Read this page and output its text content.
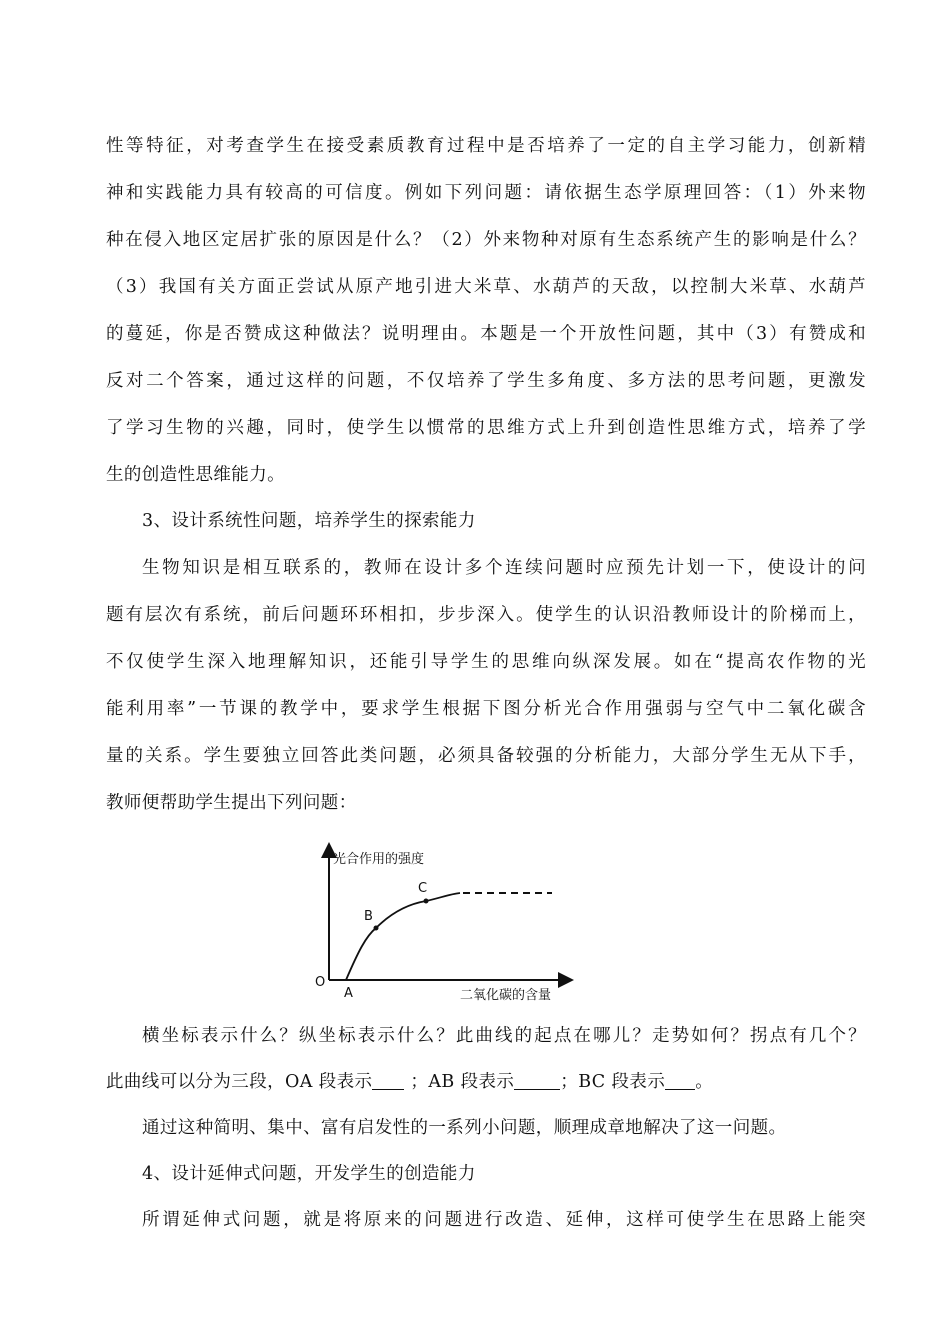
性等特征，对考查学生在接受素质教育过程中是否培养了一定的自主学习能力，创新精
神和实践能力具有较高的可信度。例如下列问题：请依据生态学原理回答：（1）外来物
种在侵入地区定居扩张的原因是什么？（2）外来物种对原有生态系统产生的影响是什么？
（3）我国有关方面正尝试从原产地引进大米草、水葫芦的天敌，以控制大米草、水葫芦
的蔓延，你是否赞成这种做法？说明理由。本题是一个开放性问题，其中（3）有赞成和
反对二个答案，通过这样的问题，不仅培养了学生多角度、多方法的思考问题，更激发
了学习生物的兴趣，同时，使学生以惯常的思维方式上升到创造性思维方式，培养了学
生的创造性思维能力。
3、设计系统性问题，培养学生的探索能力
生物知识是相互联系的，教师在设计多个连续问题时应预先计划一下，使设计的问
题有层次有系统，前后问题环环相扣，步步深入。使学生的认识沿教师设计的阶梯而上，
不仅使学生深入地理解知识，还能引导学生的思维向纵深发展。如在“提高农作物的光
能利用率”一节课的教学中，要求学生根据下图分析光合作用强弱与空气中二氧化碳含
量的关系。学生要独立回答此类问题，必须具备较强的分析能力，大部分学生无从下手，
教师便帮助学生提出下列问题：
光合作用的强度
O
A
B
C
二氧化碳的含量
横坐标表示什么？纵坐标表示什么？此曲线的起点在哪儿？走势如何？拐点有几个？
此曲线可以分为三段，OA 段表示 ；AB 段表示	；BC 段表示 。
通过这种简明、集中、富有启发性的一系列小问题，顺理成章地解决了这一问题。
4、设计延伸式问题，开发学生的创造能力
所谓延伸式问题，就是将原来的问题进行改造、延伸，这样可使学生在思路上能突
